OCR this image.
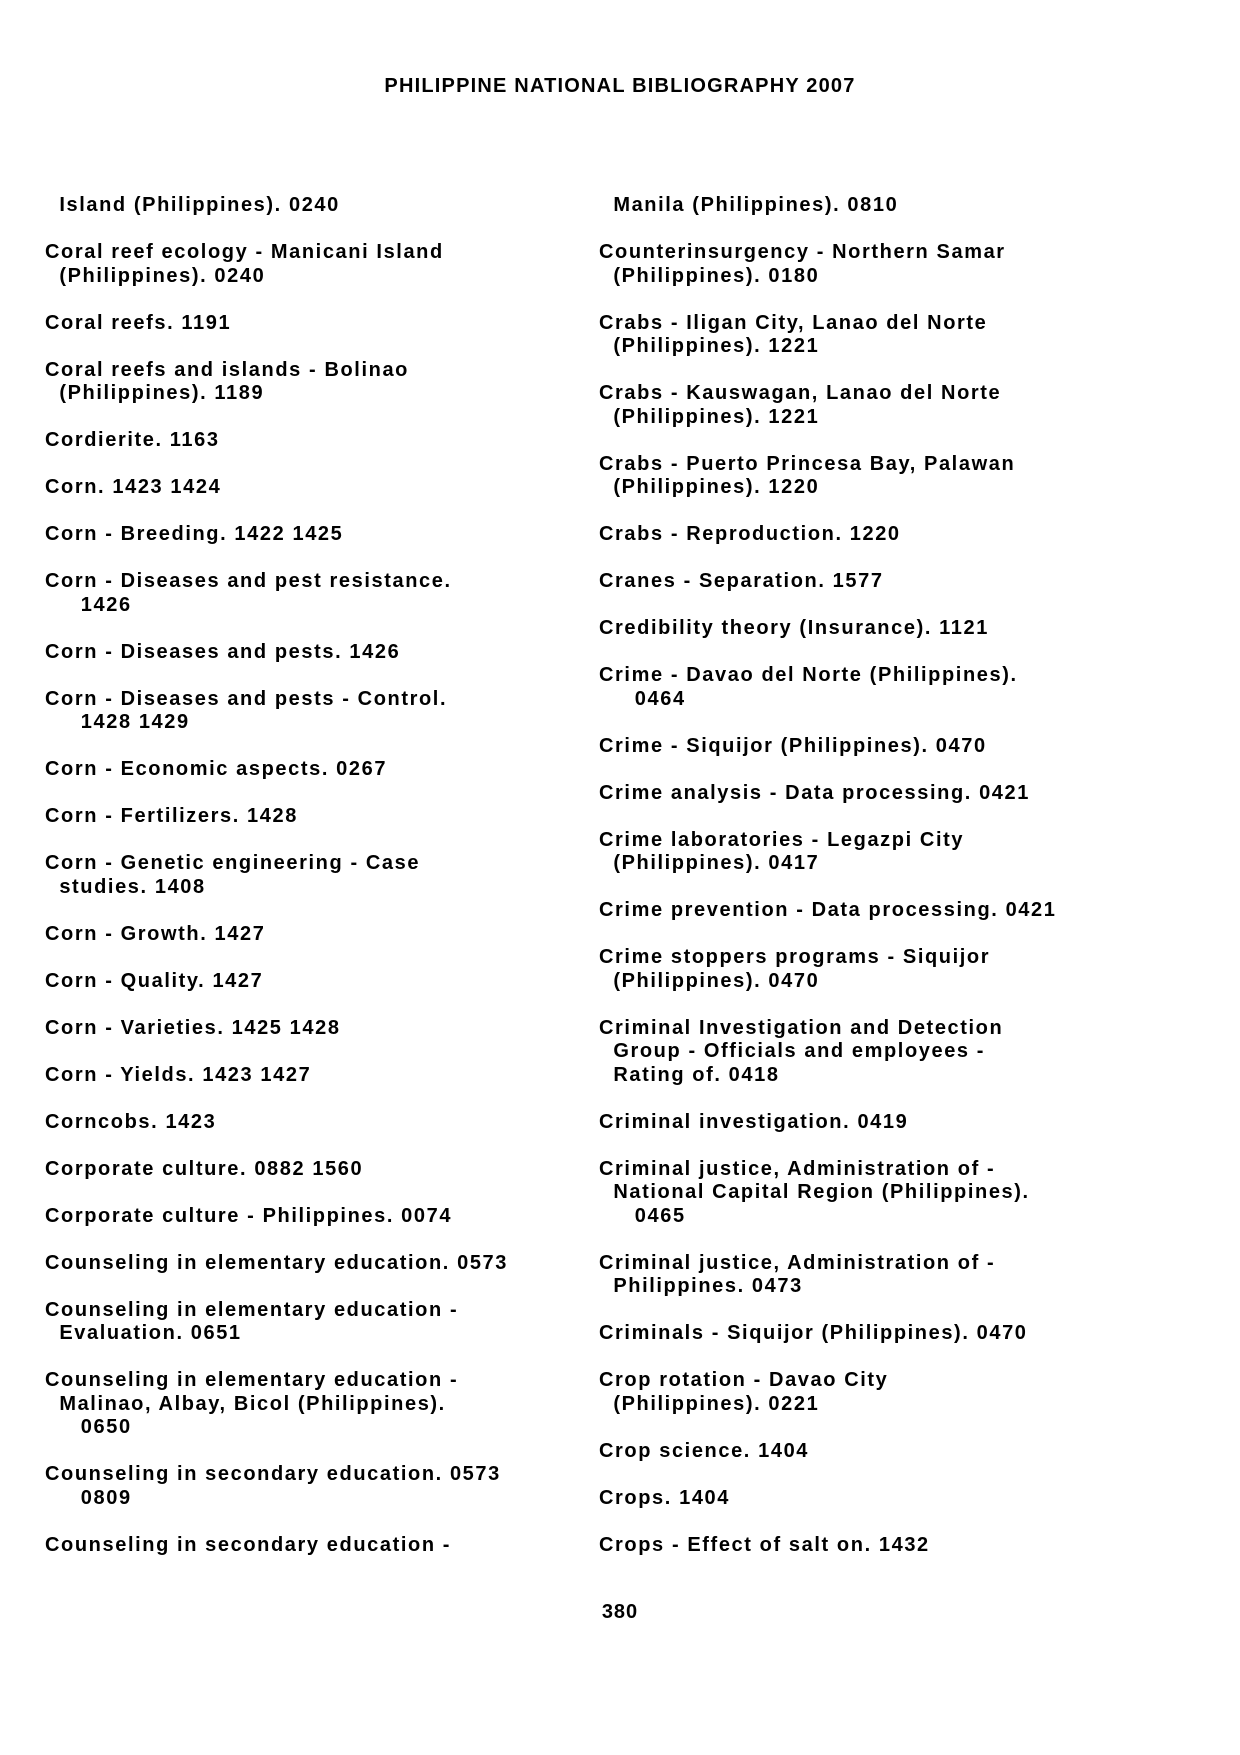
PHILIPPINE NATIONAL BIBLIOGRAPHY 2007
Island (Philippines). 0240
Coral reef ecology - Manicani Island
(Philippines). 0240
Coral reefs. 1191
Coral reefs and islands - Bolinao
(Philippines). 1189
Cordierite. 1163
Corn. 1423 1424
Corn - Breeding. 1422 1425
Corn - Diseases and pest resistance.
1426
Corn - Diseases and pests. 1426
Corn - Diseases and pests - Control.
1428 1429
Corn - Economic aspects. 0267
Corn - Fertilizers. 1428
Corn - Genetic engineering - Case
studies. 1408
Corn - Growth. 1427
Corn - Quality. 1427
Corn - Varieties. 1425 1428
Corn - Yields. 1423 1427
Corncobs. 1423
Corporate culture. 0882 1560
Corporate culture - Philippines. 0074
Counseling in elementary education. 0573
Counseling in elementary education -
Evaluation. 0651
Counseling in elementary education -
Malinao, Albay, Bicol (Philippines).
0650
Counseling in secondary education. 0573
0809
Counseling in secondary education -
Manila (Philippines). 0810
Counterinsurgency - Northern Samar
(Philippines). 0180
Crabs - Iligan City, Lanao del Norte
(Philippines). 1221
Crabs - Kauswagan, Lanao del Norte
(Philippines). 1221
Crabs - Puerto Princesa Bay, Palawan
(Philippines). 1220
Crabs - Reproduction. 1220
Cranes - Separation. 1577
Credibility theory (Insurance). 1121
Crime - Davao del Norte (Philippines).
0464
Crime - Siquijor (Philippines). 0470
Crime analysis - Data processing. 0421
Crime laboratories - Legazpi City
(Philippines). 0417
Crime prevention - Data processing. 0421
Crime stoppers programs - Siquijor
(Philippines). 0470
Criminal Investigation and Detection
Group - Officials and employees -
Rating of. 0418
Criminal investigation. 0419
Criminal justice, Administration of -
National Capital Region (Philippines).
0465
Criminal justice, Administration of -
Philippines. 0473
Criminals - Siquijor (Philippines). 0470
Crop rotation - Davao City
(Philippines). 0221
Crop science. 1404
Crops. 1404
Crops - Effect of salt on. 1432
380
